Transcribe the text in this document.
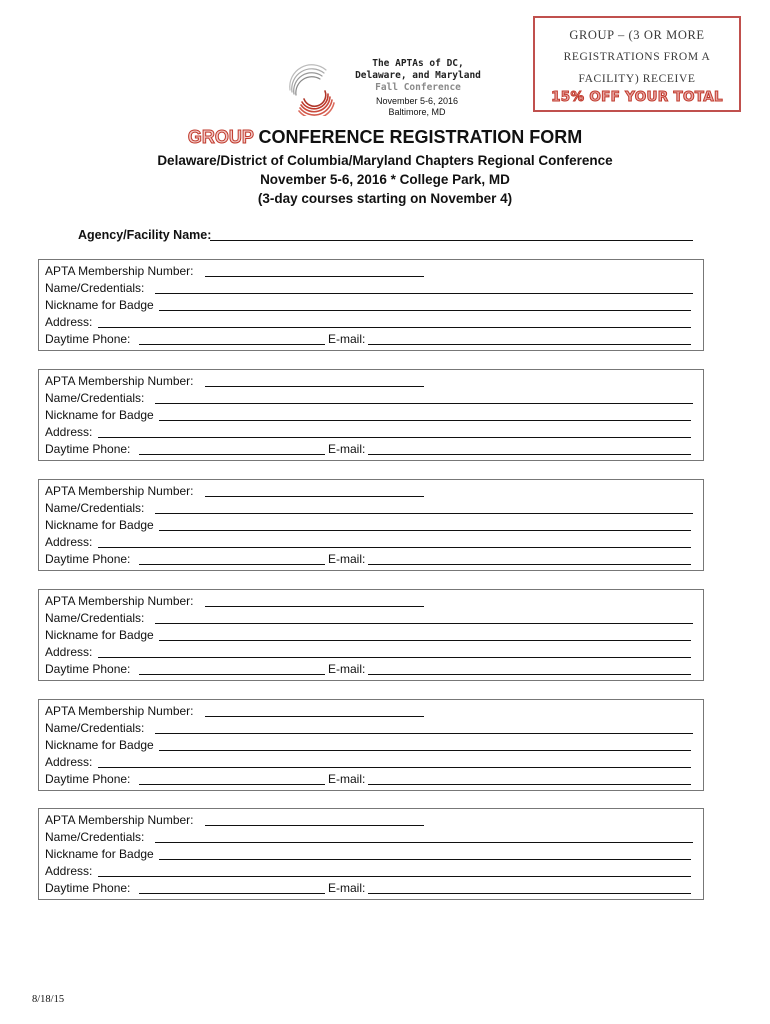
GROUP – (3 OR MORE
REGISTRATIONS FROM A
FACILITY) RECEIVE
15% OFF YOUR TOTAL
The APTAs of DC,
Delaware, and Maryland
Fall Conference
November 5-6, 2016
Baltimore, MD
GROUP CONFERENCE REGISTRATION FORM
Delaware/District of Columbia/Maryland Chapters Regional Conference
November 5-6, 2016 * College Park, MD
(3-day courses starting on November 4)
Agency/Facility Name:
APTA Membership Number:
Name/Credentials:
Nickname for Badge
Address:
Daytime Phone:	E-mail:
APTA Membership Number:
Name/Credentials:
Nickname for Badge
Address:
Daytime Phone:	E-mail:
APTA Membership Number:
Name/Credentials:
Nickname for Badge
Address:
Daytime Phone:	E-mail:
APTA Membership Number:
Name/Credentials:
Nickname for Badge
Address:
Daytime Phone:	E-mail:
APTA Membership Number:
Name/Credentials:
Nickname for Badge
Address:
Daytime Phone:	E-mail:
APTA Membership Number:
Name/Credentials:
Nickname for Badge
Address:
Daytime Phone:	E-mail:
8/18/15
